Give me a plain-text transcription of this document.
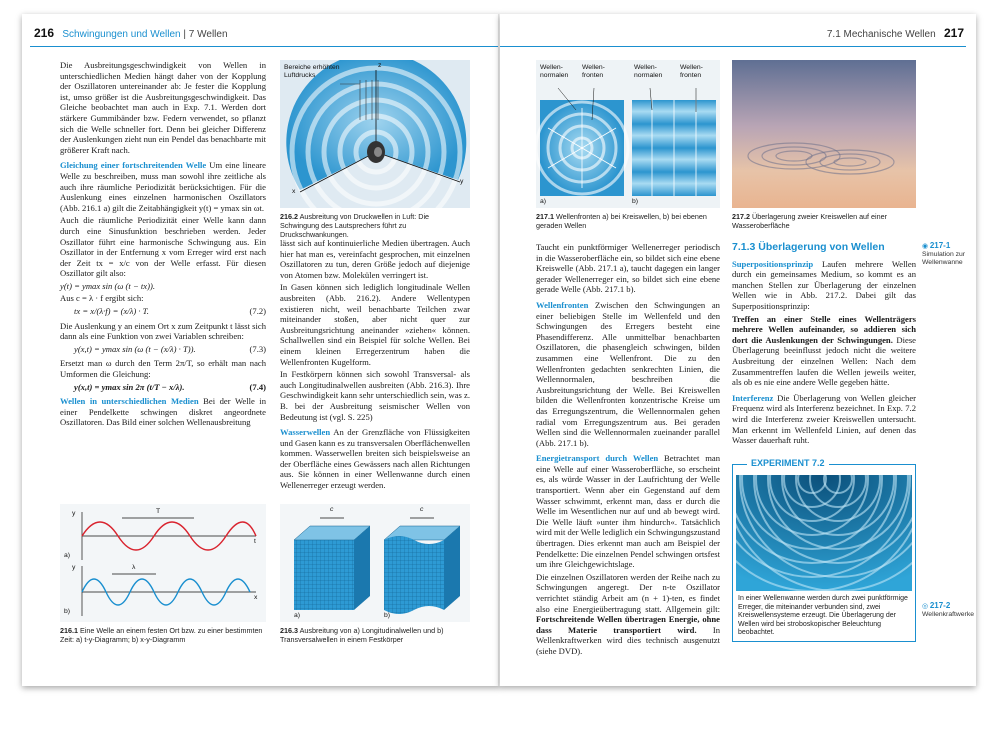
216 Schwingungen und Wellen | 7 Wellen

Die Ausbreitungsgeschwindigkeit von Wellen in unterschiedlichen Medien hängt daher von der Kopplung der Oszillatoren untereinander ab: Je fester die Kopplung ist, umso größer ist die Ausbreitungsgeschwindigkeit. Das Gleiche beobachtet man auch in Exp. 7.1. Werden dort stärkere Gummibänder bzw. Federn verwendet, so pflanzt sich die Welle schneller fort. Denn bei gleicher Differenz der Auslenkungen zieht nun ein Pendel das benachbarte mit größerer Kraft nach.

Gleichung einer fortschreitenden Welle Um eine lineare Welle zu beschreiben, muss man sowohl ihre zeitliche als auch ihre räumliche Periodizität berücksichtigen. Für die Auslenkung eines einzelnen harmonischen Oszillators (Abb. 216.1 a) gilt die Zeitabhängigkeit y(t) = ymax sin ωt.

Auch die räumliche Periodizität einer Welle kann dann durch eine Sinusfunktion beschrieben werden. Jeder Oszillator führt eine harmonische Schwingung aus. Ein Oszillator in der Entfernung x vom Erreger wird erst nach der Zeit tx = x/c von der Welle erfasst. Für diesen Oszillator gilt also:

y(t) = ymax sin (ω (t − tx)).

Aus c = λ · f ergibt sich:

tx = x/(λ·f) = (x/λ) · T.	(7.2)

Die Auslenkung y an einem Ort x zum Zeitpunkt t lässt sich dann als eine Funktion von zwei Variablen schreiben:

y(x,t) = ymax sin (ω (t − (x/λ) · T)).	(7.3)

Ersetzt man ω durch den Term 2π/T, so erhält man nach Umformen die Gleichung:

y(x,t) = ymax sin 2π (t/T − x/λ).	(7.4)

Wellen in unterschiedlichen Medien Bei der Welle in einer Pendelkette schwingen diskret angeordnete Oszillatoren. Das Bild einer solchen Wellenausbreitung

Bereiche erhöhten Luftdrucks
z
x
y
216.2 Ausbreitung von Druckwellen in Luft: Die Schwingung des Lautsprechers führt zu Druckschwankungen.

lässt sich auf kontinuierliche Medien übertragen. Auch hier hat man es, vereinfacht gesprochen, mit einzelnen Oszillatoren zu tun, deren Größe jedoch auf diejenige von Atomen bzw. Molekülen verringert ist.

In Gasen können sich lediglich longitudinale Wellen ausbreiten (Abb. 216.2). Andere Wellentypen existieren nicht, weil benachbarte Teilchen zwar miteinander stoßen, aber nicht quer zur Ausbreitungsrichtung aneinander »ziehen« können. Schallwellen sind ein Beispiel für solche Wellen. Bei einem kleinen Erregerzentrum haben die Wellenfronten Kugelform.

In Festkörpern können sich sowohl Transversal- als auch Longitudinalwellen ausbreiten (Abb. 216.3). Ihre Geschwindigkeit kann sehr unterschiedlich sein, was z. B. bei der Ausbreitung seismischer Wellen von Bedeutung ist (vgl. S. 225)

Wasserwellen An der Grenzfläche von Flüssigkeiten und Gasen kann es zu transversalen Oberflächenwellen kommen. Wasserwellen breiten sich beispielsweise an der Oberfläche eines Gewässers nach allen Richtungen aus. Sie können in einer Wellenwanne durch einen Wellenerreger erzeugt werden.

y
t
T
a)
y	λ
x
b)
216.1 Eine Welle an einem festen Ort bzw. zu einer bestimmten Zeit: a) t-y-Diagramm; b) x-y-Diagramm
c	c
a)	b)
216.3 Ausbreitung von a) Longitudinalwellen und b) Transversalwellen in einem Festkörper
7.1 Mechanische Wellen 217
Wellen-normalen
Wellen-fronten
Wellen-normalen
Wellen-fronten
a)	b)
217.1 Wellenfronten a) bei Kreiswellen, b) bei ebenen geraden Wellen
217.2 Überlagerung zweier Kreiswellen auf einer Wasseroberfläche

Taucht ein punktförmiger Wellenerreger periodisch in die Wasseroberfläche ein, so bildet sich eine ebene Kreiswelle (Abb. 217.1 a), taucht dagegen ein langer gerader Wellenerreger ein, so bildet sich eine ebene gerade Welle (Abb. 217.1 b).

Wellenfronten Zwischen den Schwingungen an einer beliebigen Stelle im Wellenfeld und den Schwingungen des Erregers besteht eine Phasendifferenz. Alle unmittelbar benachbarten Oszillatoren, die phasengleich schwingen, bilden zusammen eine Wellenfront. Die zu den Wellenfronten gedachten senkrechten Linien, die Wellennormalen, beschreiben die Ausbreitungsrichtung der Welle. Bei Kreiswellen bilden die Wellenfronten konzentrische Kreise um das Erregungszentrum, die Wellennormalen gehen radial vom Erregungszentrum aus. Bei geraden Wellen sind die Wellennormalen zueinander parallel (Abb. 217.1 b).

Energietransport durch Wellen Betrachtet man eine Welle auf einer Wasseroberfläche, so erscheint es, als würde Wasser in der Laufrichtung der Welle transportiert. Wenn aber ein Gegenstand auf dem Wasser schwimmt, erkennt man, dass er durch die Welle im Wesentlichen nur auf und ab bewegt wird. Die Welle läuft »unter ihm hindurch«. Tatsächlich wird mit der Welle lediglich ein Schwingungszustand übertragen. Dies erkennt man auch am Beispiel der Pendelkette: Die einzelnen Pendel schwingen ortsfest um ihre Gleichgewichtslage.

Die einzelnen Oszillatoren werden der Reihe nach zu Schwingungen angeregt. Der n-te Oszillator verrichtet ständig Arbeit am (n + 1)-ten, es findet also eine Energieübertragung statt. Allgemein gilt: Fortschreitende Wellen übertragen Energie, ohne dass Materie transportiert wird. In Wellenkraftwerken wird dies technisch ausgenutzt (siehe DVD).

7.1.3 Überlagerung von Wellen

Superpositionsprinzip Laufen mehrere Wellen durch ein gemeinsames Medium, so kommt es an manchen Stellen zur Überlagerung der einzelnen Wellen wie in Abb. 217.2. Dabei gilt das Superpositionsprinzip:

Treffen an einer Stelle eines Wellenträgers mehrere Wellen aufeinander, so addieren sich dort die Auslenkungen der Schwingungen. Diese Überlagerung beeinflusst jedoch nicht die weitere Ausbreitung der einzelnen Wellen: Nach dem Zusammentreffen laufen die Wellen jeweils weiter, als ob es nie eine andere Welle gegeben hätte.

Interferenz Die Überlagerung von Wellen gleicher Frequenz wird als Interferenz bezeichnet. In Exp. 7.2 wird die Interferenz zweier Kreiswellen untersucht. Man erkennt im Wellenfeld Linien, auf denen das Wasser dauerhaft ruht.

EXPERIMENT 7.2
In einer Wellenwanne werden durch zwei punktförmige Erreger, die miteinander verbunden sind, zwei Kreiswellensysteme erzeugt. Die Überlagerung der Wellen wird bei stroboskopischer Beleuchtung beobachtet.
◉ 217-1
Simulation zur Wellenwanne
◎ 217-2
Wellenkraftwerke
